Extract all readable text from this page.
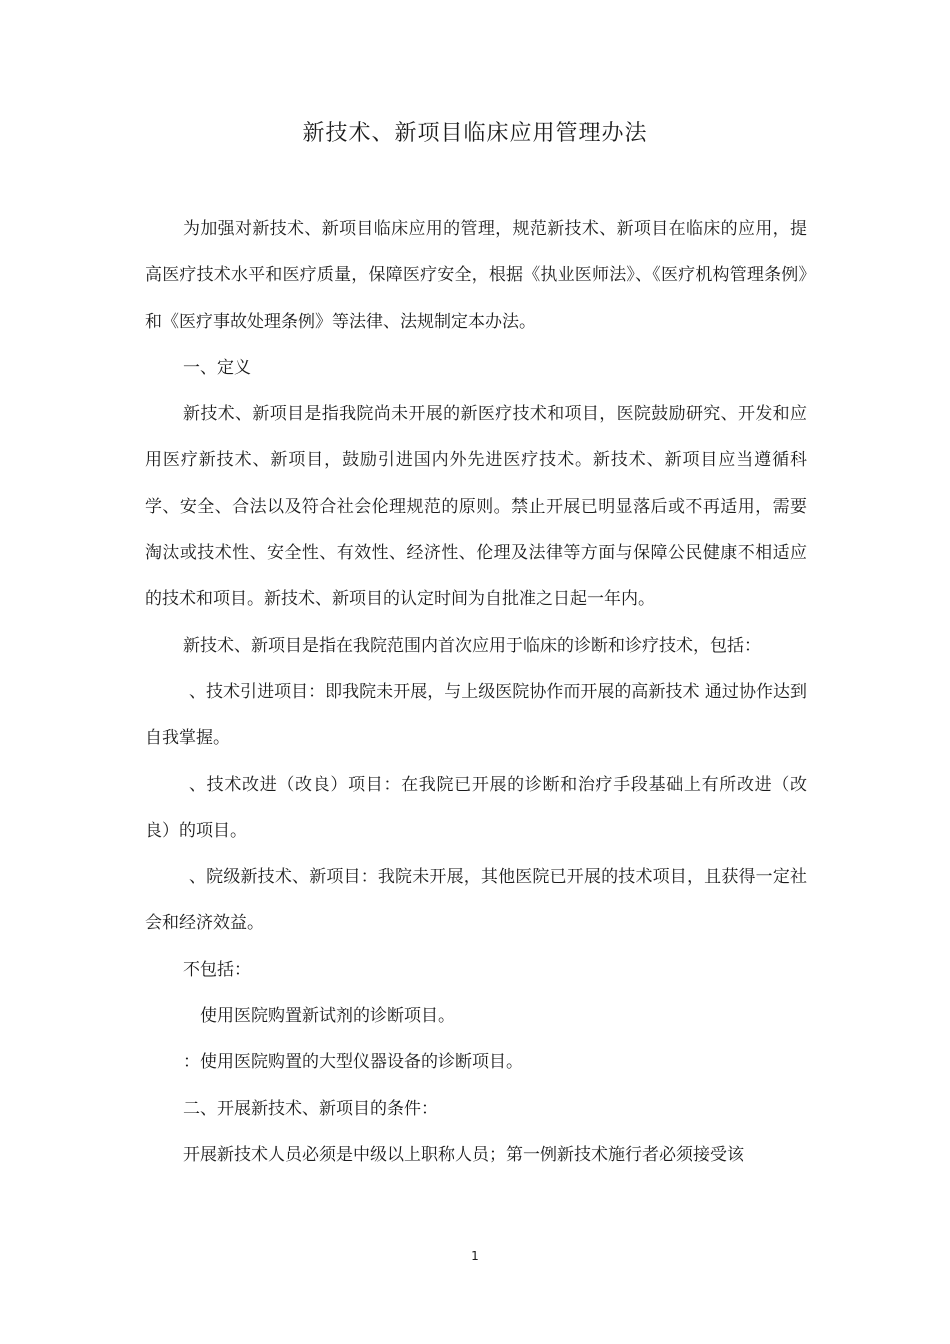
新技术、新项目临床应用管理办法

为加强对新技术、新项目临床应用的管理，规范新技术、新项目在临床的应用，提高医疗技术水平和医疗质量，保障医疗安全，根据《执业医师法》、《医疗机构管理条例》和《医疗事故处理条例》等法律、法规制定本办法。

一、定义

新技术、新项目是指我院尚未开展的新医疗技术和项目，医院鼓励研究、开发和应用医疗新技术、新项目，鼓励引进国内外先进医疗技术。新技术、新项目应当遵循科学、安全、合法以及符合社会伦理规范的原则。禁止开展已明显落后或不再适用，需要淘汰或技术性、安全性、有效性、经济性、伦理及法律等方面与保障公民健康不相适应的技术和项目。新技术、新项目的认定时间为自批准之日起一年内。

新技术、新项目是指在我院范围内首次应用于临床的诊断和诊疗技术，包括：

、技术引进项目：即我院未开展，与上级医院协作而开展的高新技术 通过协作达到自我掌握。

、技术改进（改良）项目：在我院已开展的诊断和治疗手段基础上有所改进（改良）的项目。

、院级新技术、新项目：我院未开展，其他医院已开展的技术项目，且获得一定社会和经济效益。

不包括：

使用医院购置新试剂的诊断项目。

：使用医院购置的大型仪器设备的诊断项目。

二、开展新技术、新项目的条件：

开展新技术人员必须是中级以上职称人员；第一例新技术施行者必须接受该

1
